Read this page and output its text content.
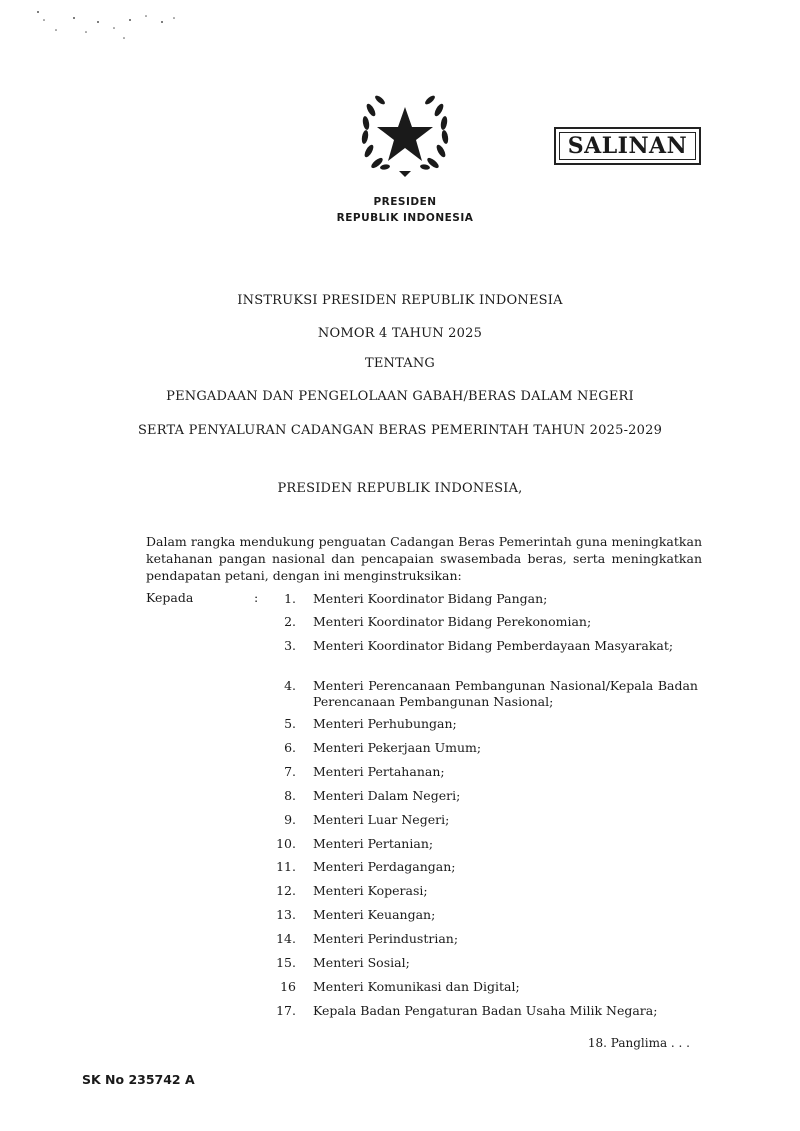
PRESIDEN
REPUBLIK INDONESIA
SALINAN
INSTRUKSI PRESIDEN REPUBLIK INDONESIA
NOMOR 4 TAHUN 2025
TENTANG
PENGADAAN DAN PENGELOLAAN GABAH/BERAS DALAM NEGERI
SERTA PENYALURAN CADANGAN BERAS PEMERINTAH TAHUN 2025-2029
PRESIDEN REPUBLIK INDONESIA,
Dalam rangka mendukung penguatan Cadangan Beras Pemerintah guna meningkatkan ketahanan pangan nasional dan pencapaian swasembada beras, serta meningkatkan pendapatan petani, dengan ini menginstruksikan:
Kepada	:	1. Menteri Koordinator Bidang Pangan;
2. Menteri Koordinator Bidang Perekonomian;
3. Menteri Koordinator Bidang Pemberdayaan Masyarakat;
4. Menteri Perencanaan Pembangunan Nasional/Kepala Badan Perencanaan Pembangunan Nasional;
5. Menteri Perhubungan;
6. Menteri Pekerjaan Umum;
7. Menteri Pertahanan;
8. Menteri Dalam Negeri;
9. Menteri Luar Negeri;
10. Menteri Pertanian;
11. Menteri Perdagangan;
12. Menteri Koperasi;
13. Menteri Keuangan;
14. Menteri Perindustrian;
15. Menteri Sosial;
16 Menteri Komunikasi dan Digital;
17. Kepala Badan Pengaturan Badan Usaha Milik Negara;
18. Panglima . . .
SK No 235742 A
